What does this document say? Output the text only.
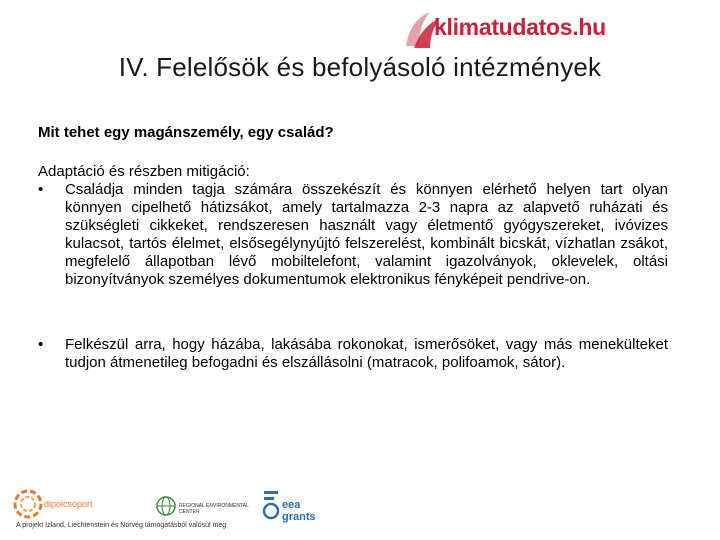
klimatudatos.hu
IV. Felelősök és befolyásoló intézmények
Mit tehet egy magánszemély, egy család?
Adaptáció és részben mitigáció:
•	Családja minden tagja számára összekészít és könnyen elérhető helyen tart olyan könnyen cipelhető hátizsákot, amely tartalmazza 2-3 napra az alapvető ruházati és szükségleti cikkeket, rendszeresen használt vagy életmentő gyógyszereket, ivóvizes kulacsot, tartós élelmet, elsősegélynyújtó felszerelést, kombinált bicskát, vízhatlan zsákot, megfelelő állapotban lévő mobiltelefont, valamint igazolványok, oklevelek, oltási bizonyítványok személyes dokumentumok elektronikus fényképeit pendrive-on.
•	Felkészül arra, hogy házába, lakásába rokonokat, ismerősöket, vagy más menekülteket tudjon átmenetileg befogadni és elszállásolni (matracok, polifoamok, sátor).
dipolcsoport	REGIONAL ENVIRONMENTAL CENTER
eea
grants
A projekt Izland, Liechtenstein és Norvég támogatásból valósul meg
